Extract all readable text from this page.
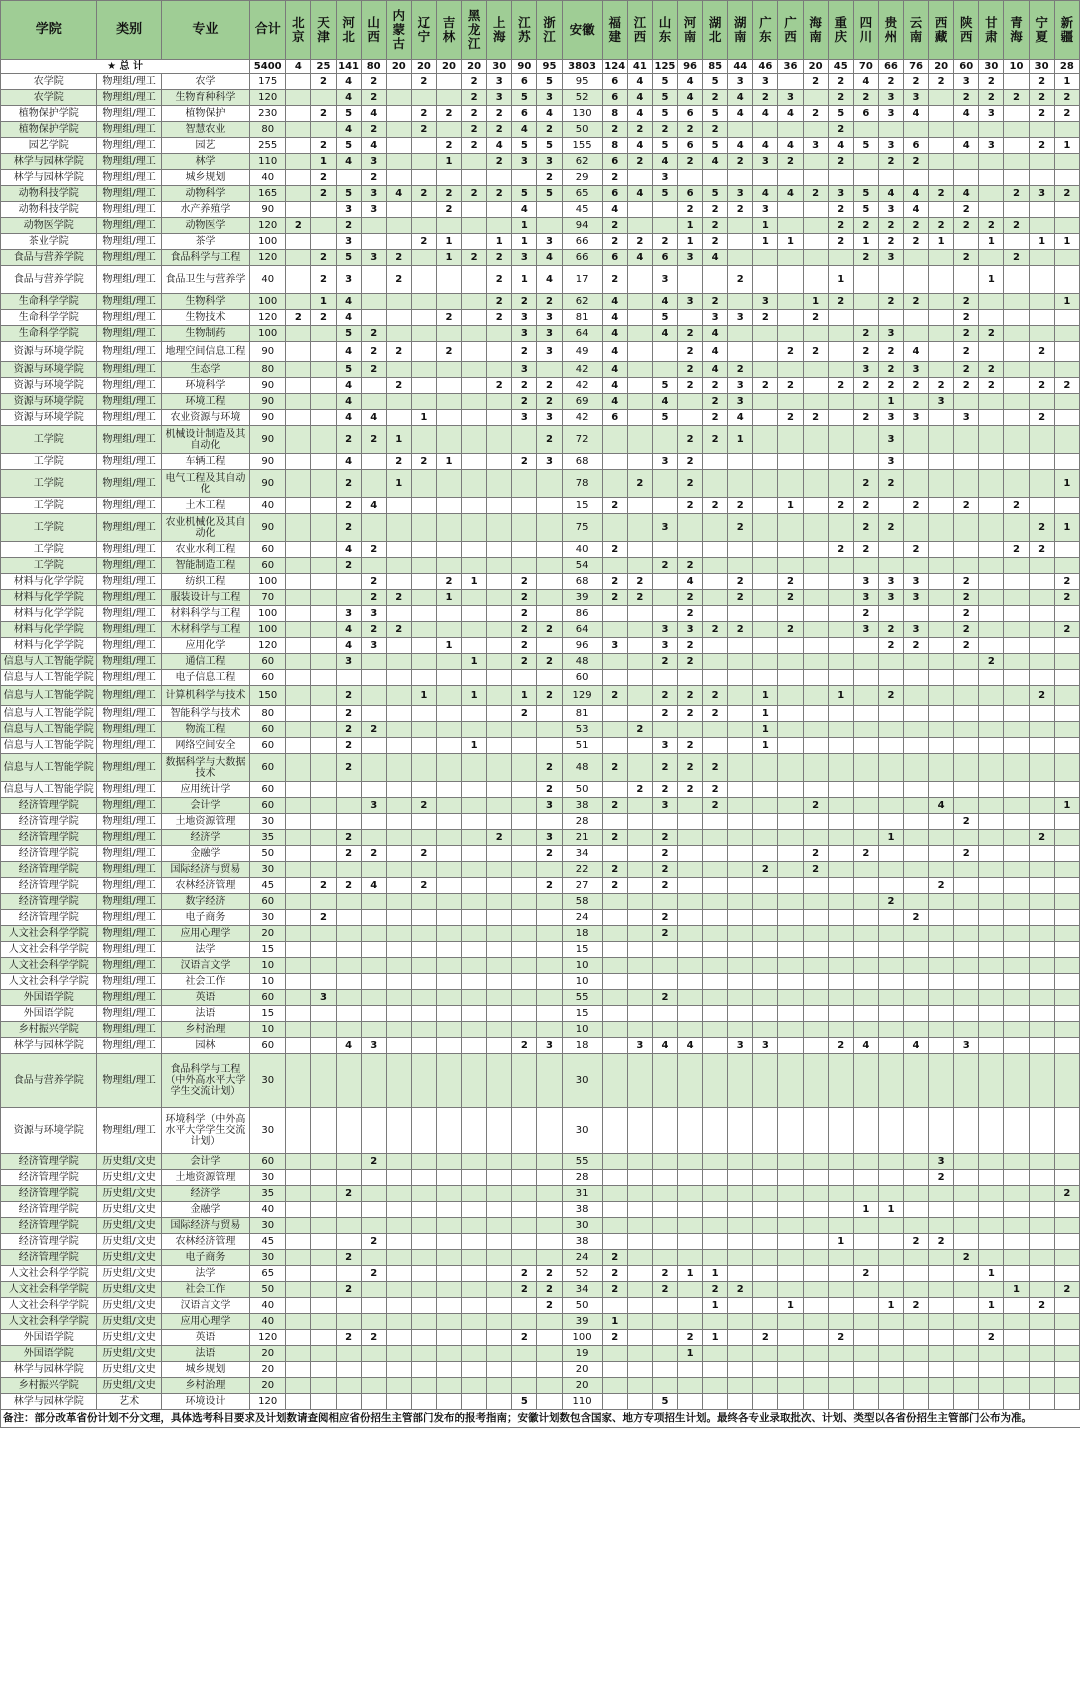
学院	类别	专业	合计	北京	天津	河北	山西	内蒙古	辽宁	吉林	黑龙江	上海	江苏	浙江	安徽	福建	江西	山东	河南	湖北	湖南	广东	广西	海南	重庆	四川	贵州	云南	西藏	陕西	甘肃	青海	宁夏	新疆
★ 总 计			5400	4	25	141	80	20	20	20	20	30	90	95	3803	124	41	125	96	85	44	46	36	20	45	70	66	76	20	60	30	10	30	28
农学院	物理组/理工	农学	175		2	4	2		2		2	3	6	5	95	6	4	5	4	5	3	3		2	2	4	2	2	2	3	2		2	1
农学院	物理组/理工	生物育种科学	120			4	2				2	3	5	3	52	6	4	5	4	2	4	2	3		2	2	3	3		2	2	2	2	2
植物保护学院	物理组/理工	植物保护	230		2	5	4		2	2	2	2	6	4	130	8	4	5	6	5	4	4	4	2	5	6	3	4		4	3		2	2
植物保护学院	物理组/理工	智慧农业	80			4	2		2		2	2	4	2	50	2	2	2	2	2					2									
园艺学院	物理组/理工	园艺	255		2	5	4			2	2	4	5	5	155	8	4	5	6	5	4	4	4	3	4	5	3	6		4	3		2	1
林学与园林学院	物理组/理工	林学	110		1	4	3			1		2	3	3	62	6	2	4	2	4	2	3	2		2		2	2						
林学与园林学院	物理组/理工	城乡规划	40		2		2							2	29	2		3																
动物科技学院	物理组/理工	动物科学	165		2	5	3	4	2	2	2	2	5	5	65	6	4	5	6	5	3	4	4	2	3	5	4	4	2	4		2	3	2
动物科技学院	物理组/理工	水产养殖学	90			3	3			2			4		45	4			2	2	2	3			2	5	3	4		2				
动物医学院	物理组/理工	动物医学	120	2		2							1		94	2			1	2		1			2	2	2	2	2	2	2	2		
茶业学院	物理组/理工	茶学	100			3			2	1		1	1	3	66	2	2	2	1	2		1	1		2	1	2	2	1		1		1	1
食品与营养学院	物理组/理工	食品科学与工程	120		2	5	3	2		1	2	2	3	4	66	6	4	6	3	4						2	3			2		2		
食品与营养学院	物理组/理工	食品卫生与营养学	40		2	3		2				2	1	4	17	2		3			2				1						1			
生命科学学院	物理组/理工	生物科学	100		1	4						2	2	2	62	4		4	3	2		3		1	2		2	2		2				1
生命科学学院	物理组/理工	生物技术	120	2	2	4				2		2	3	3	81	4		5		3	3	2		2						2				
生命科学学院	物理组/理工	生物制药	100			5	2						3	3	64	4		4	2	4						2	3			2	2			
资源与环境学院	物理组/理工	地理空间信息工程	90			4	2	2		2			2	3	49	4			2	4			2	2		2	2	4		2			2	
资源与环境学院	物理组/理工	生态学	80			5	2						3		42	4			2	4	2					3	2	3		2	2			
资源与环境学院	物理组/理工	环境科学	90			4		2				2	2	2	42	4		5	2	2	3	2	2		2	2	2	2	2	2	2		2	2
资源与环境学院	物理组/理工	环境工程	90			4							2	2	69	4		4		2	3						1		3					
资源与环境学院	物理组/理工	农业资源与环境	90			4	4		1				3	3	42	6		5		2	4		2	2		2	3	3		3			2	
工学院	物理组/理工	机械设计制造及其自动化	90			2	2	1						2	72				2	2	1						3							
工学院	物理组/理工	车辆工程	90			4		2	2	1			2	3	68			3	2								3							
工学院	物理组/理工	电气工程及其自动化	90			2		1							78		2		2							2	2							1
工学院	物理组/理工	土木工程	40			2	4								15	2			2	2	2		1		2	2		2		2		2		
工学院	物理组/理工	农业机械化及其自动化	90			2									75			3			2					2	2						2	1
工学院	物理组/理工	农业水利工程	60			4	2								40	2									2	2		2				2	2	
工学院	物理组/理工	智能制造工程	60			2									54			2	2															
材料与化学学院	物理组/理工	纺织工程	100				2			2	1		2		68	2	2		4		2		2			3	3	3		2				2
材料与化学学院	物理组/理工	服装设计与工程	70				2	2		1			2		39	2	2		2		2		2			3	3	3		2				2
材料与化学学院	物理组/理工	材料科学与工程	100			3	3						2		86				2							2				2				
材料与化学学院	物理组/理工	木材科学与工程	100			4	2	2					2	2	64			3	3	2	2		2			3	2	3		2				2
材料与化学学院	物理组/理工	应用化学	120			4	3			1			2		96	3		3	2								2	2		2				
信息与人工智能学院	物理组/理工	通信工程	60			3					1		2	2	48			2	2												2			
信息与人工智能学院	物理组/理工	电子信息工程	60												60																			
信息与人工智能学院	物理组/理工	计算机科学与技术	150			2			1		1		1	2	129	2		2	2	2		1			1		2						2	
信息与人工智能学院	物理组/理工	智能科学与技术	80			2							2		81			2	2	2		1												
信息与人工智能学院	物理组/理工	物流工程	60			2	2								53		2					1												
信息与人工智能学院	物理组/理工	网络空间安全	60			2					1				51			3	2			1												
信息与人工智能学院	物理组/理工	数据科学与大数据技术	60			2								2	48	2		2	2	2														
信息与人工智能学院	物理组/理工	应用统计学	60											2	50		2	2	2	2														
经济管理学院	物理组/理工	会计学	60				3		2					3	38	2		3		2				2					4					1
经济管理学院	物理组/理工	土地资源管理	30												28															2				
经济管理学院	物理组/理工	经济学	35			2						2		3	21	2		2									1						2	
经济管理学院	物理组/理工	金融学	50			2	2		2					2	34			2						2		2				2				
经济管理学院	物理组/理工	国际经济与贸易	30												22	2		2				2		2										
经济管理学院	物理组/理工	农林经济管理	45		2	2	4		2					2	27	2		2											2					
经济管理学院	物理组/理工	数字经济	60												58												2							
经济管理学院	物理组/理工	电子商务	30		2										24			2										2						
人文社会科学学院	物理组/理工	应用心理学	20												18			2																
人文社会科学学院	物理组/理工	法学	15												15																			
人文社会科学学院	物理组/理工	汉语言文学	10												10																			
人文社会科学学院	物理组/理工	社会工作	10												10																			
外国语学院	物理组/理工	英语	60		3										55			2																
外国语学院	物理组/理工	法语	15												15																			
乡村振兴学院	物理组/理工	乡村治理	10												10																			
林学与园林学院	物理组/理工	园林	60			4	3						2	3	18		3	4	4		3	3			2	4		4		3				
食品与营养学院	物理组/理工	食品科学与工程（中外高水平大学学生交流计划）	30												30																			
资源与环境学院	物理组/理工	环境科学（中外高水平大学学生交流计划）	30												30																			
经济管理学院	历史组/文史	会计学	60				2								55														3					
经济管理学院	历史组/文史	土地资源管理	30												28														2					
经济管理学院	历史组/文史	经济学	35			2									31																			2
经济管理学院	历史组/文史	金融学	40												38											1	1							
经济管理学院	历史组/文史	国际经济与贸易	30												30																			
经济管理学院	历史组/文史	农林经济管理	45				2								38										1			2	2					
经济管理学院	历史组/文史	电子商务	30			2									24	2														2				
人文社会科学学院	历史组/文史	法学	65				2						2	2	52	2		2	1	1						2					1			
人文社会科学学院	历史组/文史	社会工作	50			2							2	2	34	2		2		2	2											1		2
人文社会科学学院	历史组/文史	汉语言文学	40											2	50					1			1				1	2			1		2	
人文社会科学学院	历史组/文史	应用心理学	40												39	1																		
外国语学院	历史组/文史	英语	120			2	2						2		100	2			2	1		2			2						2			
外国语学院	历史组/文史	法语	20												19				1															
林学与园林学院	历史组/文史	城乡规划	20												20																			
乡村振兴学院	历史组/文史	乡村治理	20												20																			
林学与园林学院	艺术	环境设计	120										5		110			5																
备注：部分改革省份计划不分文理，具体选考科目要求及计划数请查阅相应省份招生主管部门发布的报考指南；安徽计划数包含国家、地方专项招生计划。最终各专业录取批次、计划、类型以各省份招生主管部门公布为准。
